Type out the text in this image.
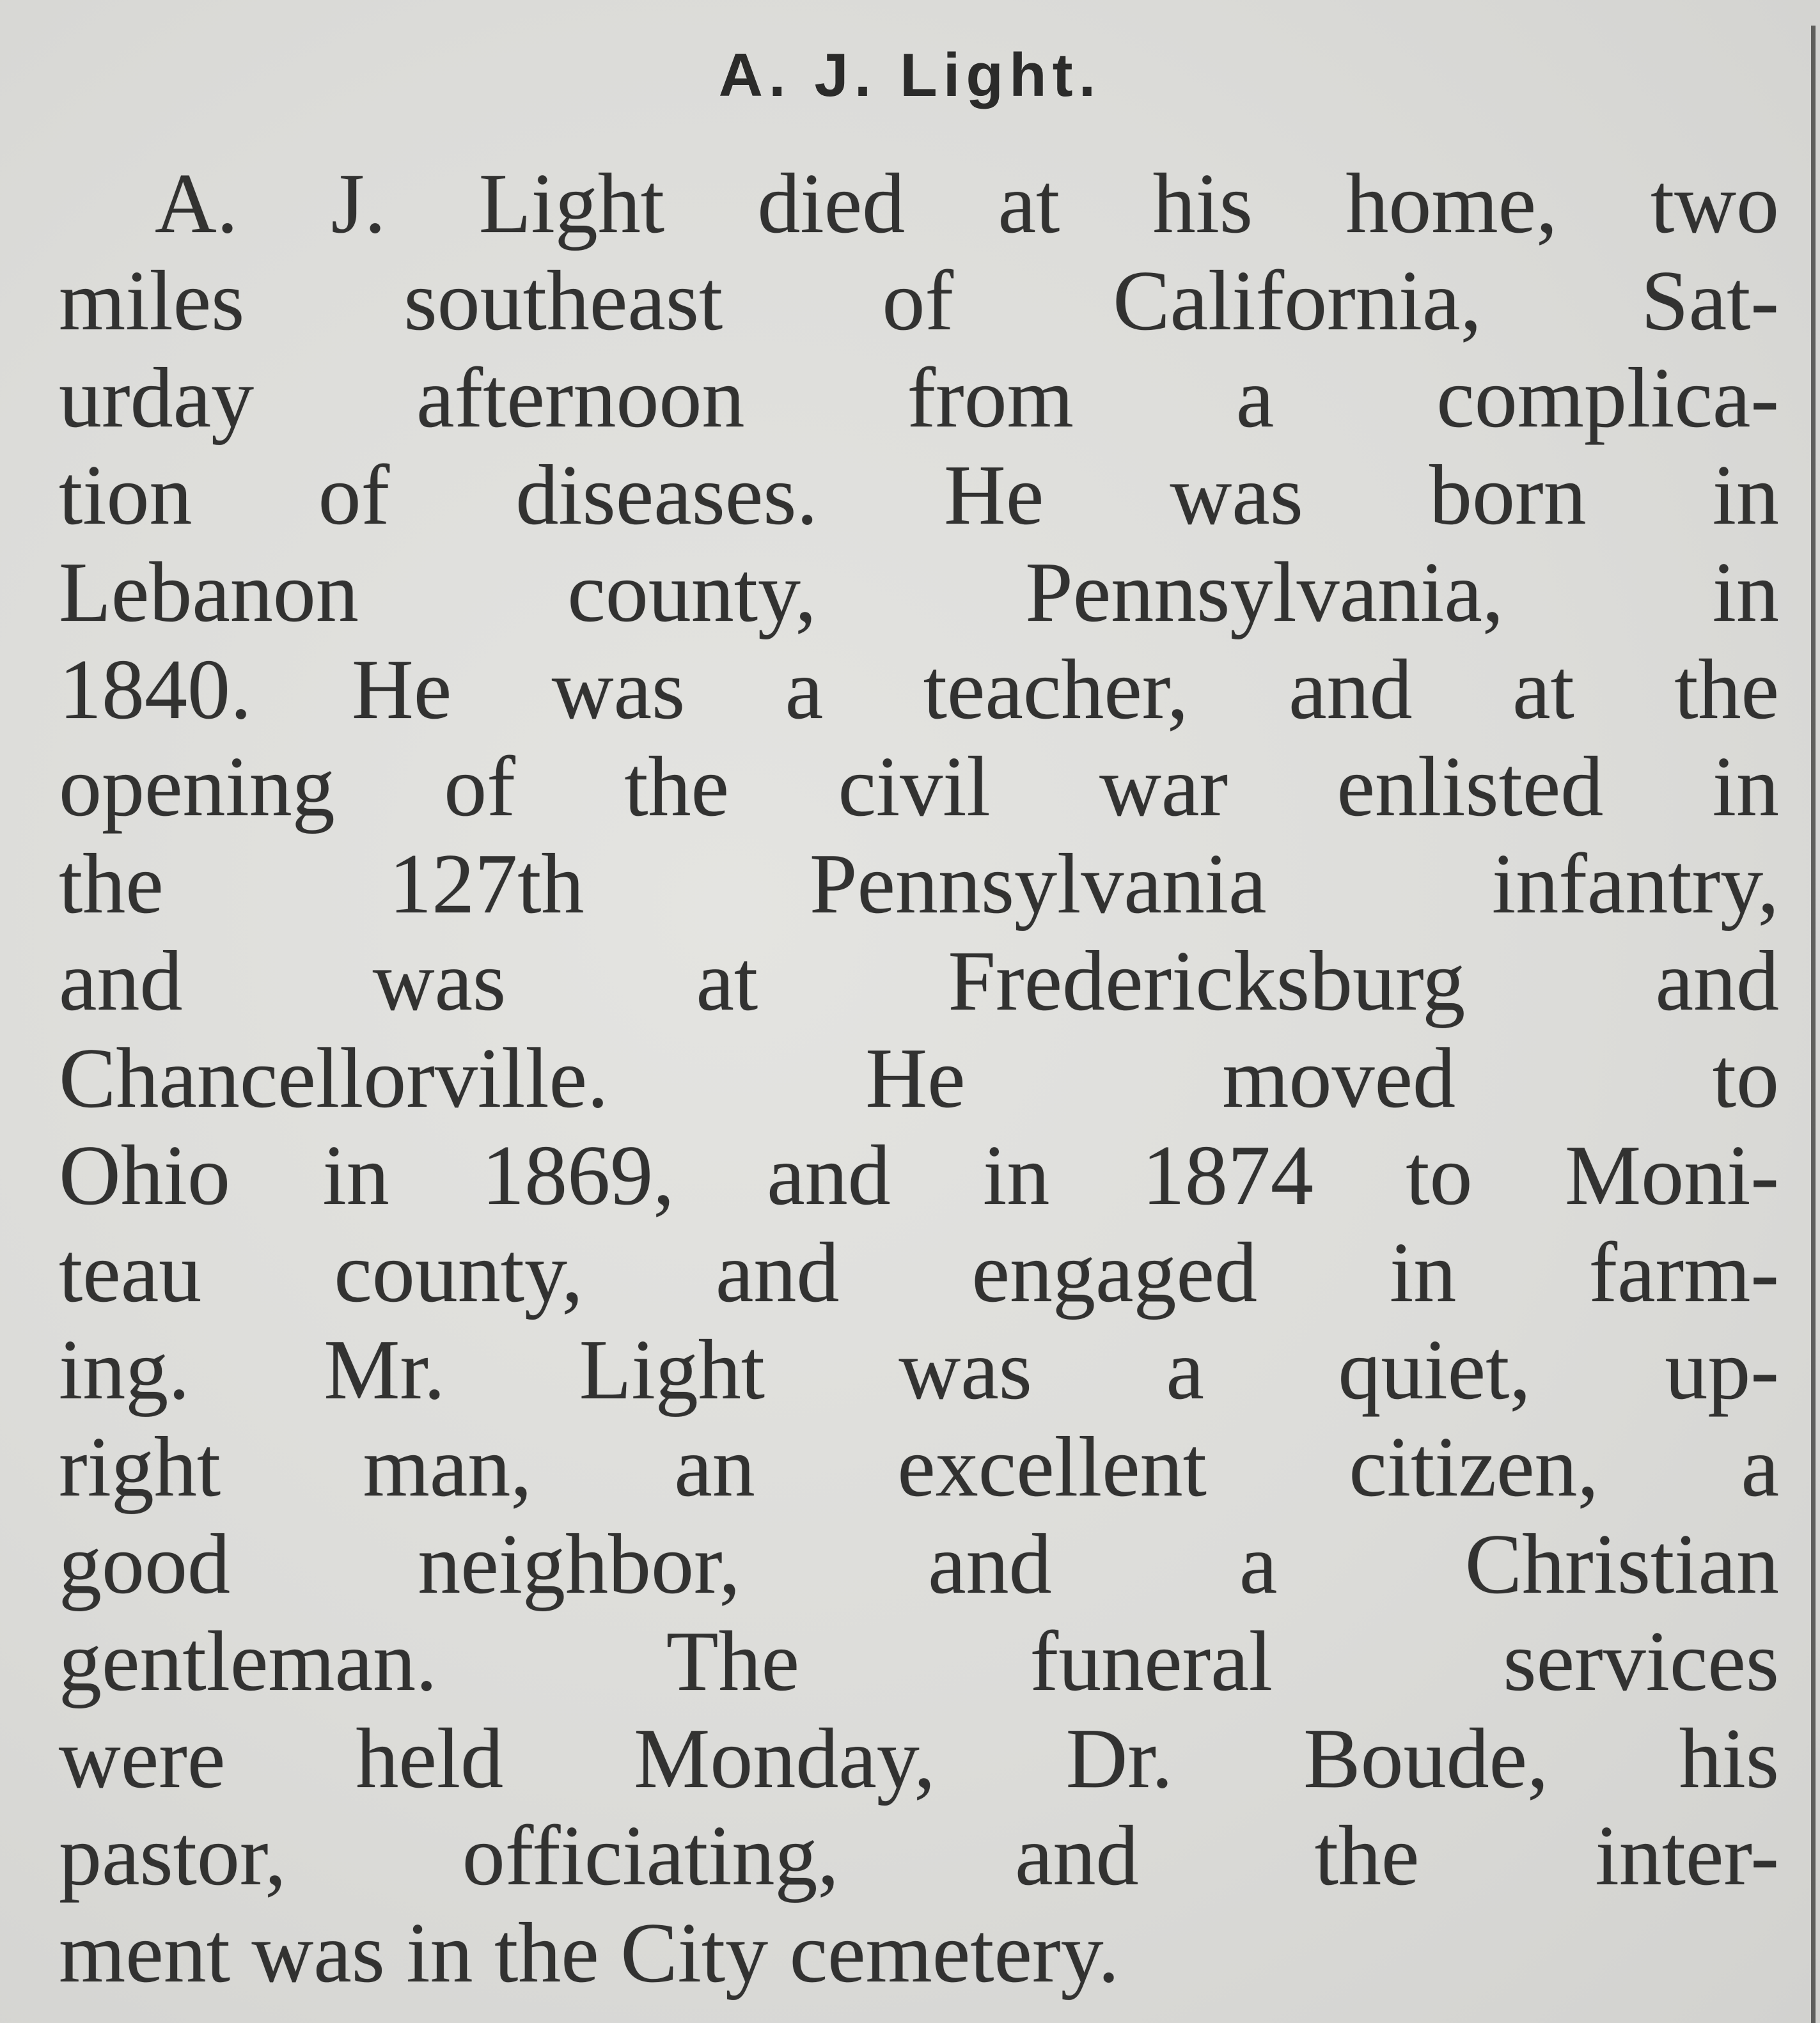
A. J. Light.
A. J. Light died at his home, two
miles southeast of California, Sat-
urday afternoon from a complica-
tion of diseases. He was born in
Lebanon county, Pennsylvania, in
1840. He was a teacher, and at the
opening of the civil war enlisted in
the 127th Pennsylvania infantry,
and was at Fredericksburg and
Chancellorville. He moved to
Ohio in 1869, and in 1874 to Moni-
teau county, and engaged in farm-
ing. Mr. Light was a quiet, up-
right man, an excellent citizen, a
good neighbor, and a Christian
gentleman. The funeral services
were held Monday, Dr. Boude, his
pastor, officiating, and the inter-
ment was in the City cemetery.
